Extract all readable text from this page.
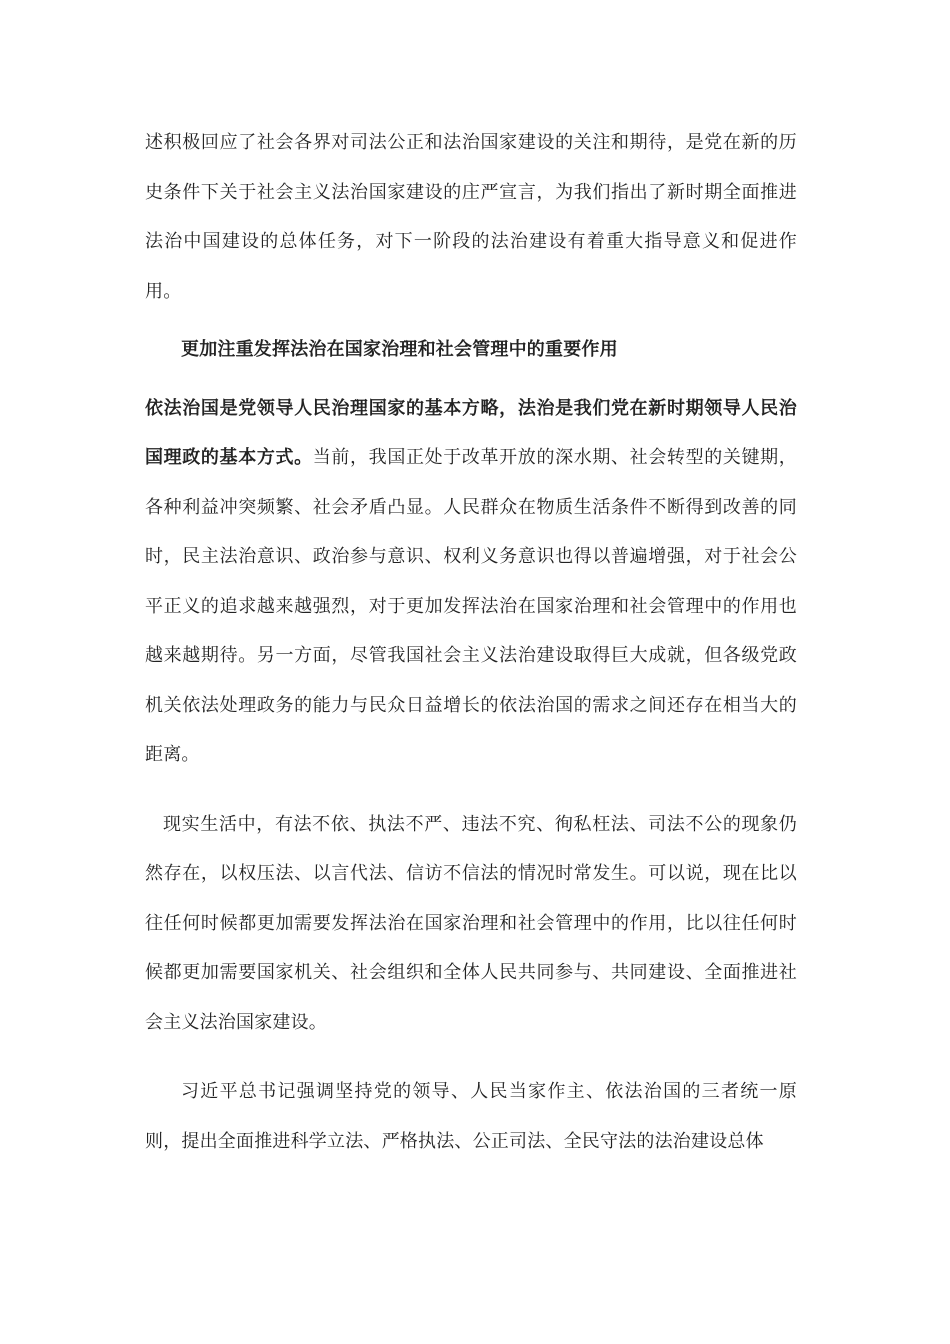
述积极回应了社会各界对司法公正和法治国家建设的关注和期待，是党在新的历史条件下关于社会主义法治国家建设的庄严宣言，为我们指出了新时期全面推进法治中国建设的总体任务，对下一阶段的法治建设有着重大指导意义和促进作用。

更加注重发挥法治在国家治理和社会管理中的重要作用

依法治国是党领导人民治理国家的基本方略，法治是我们党在新时期领导人民治国理政的基本方式。当前，我国正处于改革开放的深水期、社会转型的关键期，各种利益冲突频繁、社会矛盾凸显。人民群众在物质生活条件不断得到改善的同时，民主法治意识、政治参与意识、权利义务意识也得以普遍增强，对于社会公平正义的追求越来越强烈，对于更加发挥法治在国家治理和社会管理中的作用也越来越期待。另一方面，尽管我国社会主义法治建设取得巨大成就，但各级党政机关依法处理政务的能力与民众日益增长的依法治国的需求之间还存在相当大的距离。

现实生活中，有法不依、执法不严、违法不究、徇私枉法、司法不公的现象仍然存在，以权压法、以言代法、信访不信法的情况时常发生。可以说，现在比以往任何时候都更加需要发挥法治在国家治理和社会管理中的作用，比以往任何时候都更加需要国家机关、社会组织和全体人民共同参与、共同建设、全面推进社会主义法治国家建设。

习近平总书记强调坚持党的领导、人民当家作主、依法治国的三者统一原则，提出全面推进科学立法、严格执法、公正司法、全民守法的法治建设总体
